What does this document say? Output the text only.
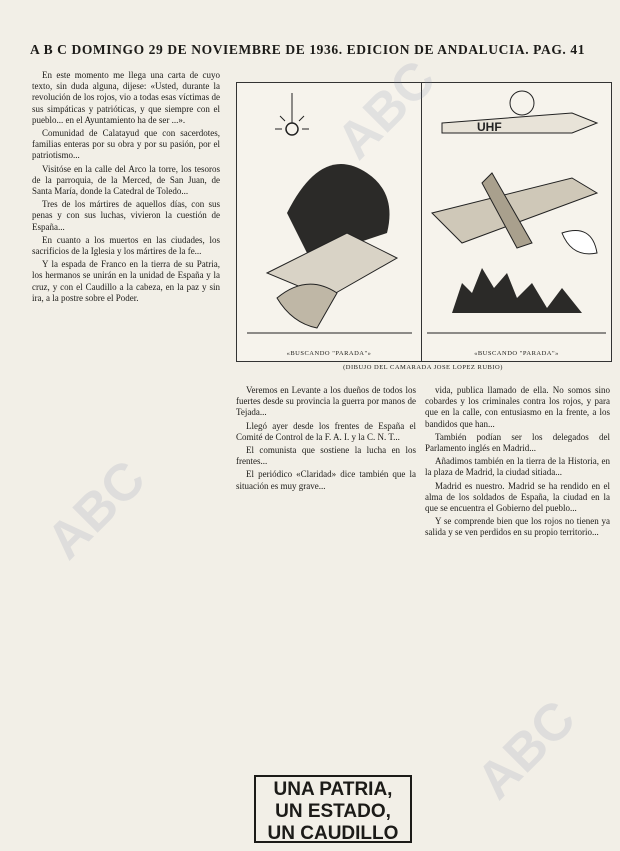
A B C DOMINGO 29 DE NOVIEMBRE DE 1936. EDICION DE ANDALUCIA. PAG. 41

En este momento me llega una carta de cuyo texto, sin duda alguna, dijese: «Usted, durante la revolución de los rojos, vio a todas esas víctimas de sus simpáticas y patrióticas, y que siempre con el pueblo... en el Ayuntamiento ha de ser ...».

Comunidad de Calatayud que con sacerdotes, familias enteras por su obra y por su pasión, por el patriotismo...

Visitóse en la calle del Arco la torre, los tesoros de la parroquia, de la Merced, de San Juan, de Santa María, donde la Catedral de Toledo...

Tres de los mártires de aquellos días, con sus penas y con sus luchas, vivieron la cuestión de España...

En cuanto a los muertos en las ciudades, los sacrificios de la Iglesia y los mártires de la fe...

Y la espada de Franco en la tierra de su Patria, los hermanos se unirán en la unidad de España y la cruz, y con el Caudillo a la cabeza, en la paz y sin ira, a la postre sobre el Poder.

«BUSCANDO "PARADA"»
UHF
«BUSCANDO "PARADA"»
(DIBUJO DEL CAMARADA JOSE LOPEZ RUBIO)

Veremos en Levante a los dueños de todos los fuertes desde su provincia la guerra por manos de Tejada...

Llegó ayer desde los frentes de España el Comité de Control de la F. A. I. y la C. N. T...

El comunista que sostiene la lucha en los frentes...

El periódico «Claridad» dice también que la situación es muy grave...

UNA PATRIA,
UN ESTADO,
UN CAUDILLO

vida, publica llamado de ella. No somos sino cobardes y los criminales contra los rojos, y para que en la calle, con entusiasmo en la frente, a los bandidos que han...

También podían ser los delegados del Parlamento inglés en Madrid...

Añadimos también en la tierra de la Historia, en la plaza de Madrid, la ciudad sitiada...

Madrid es nuestro. Madrid se ha rendido en el alma de los soldados de España, la ciudad en la que se encuentra el Gobierno del pueblo...

Y se comprende bien que los rojos no tienen ya salida y se ven perdidos en su propio territorio...

ABC
ABC
